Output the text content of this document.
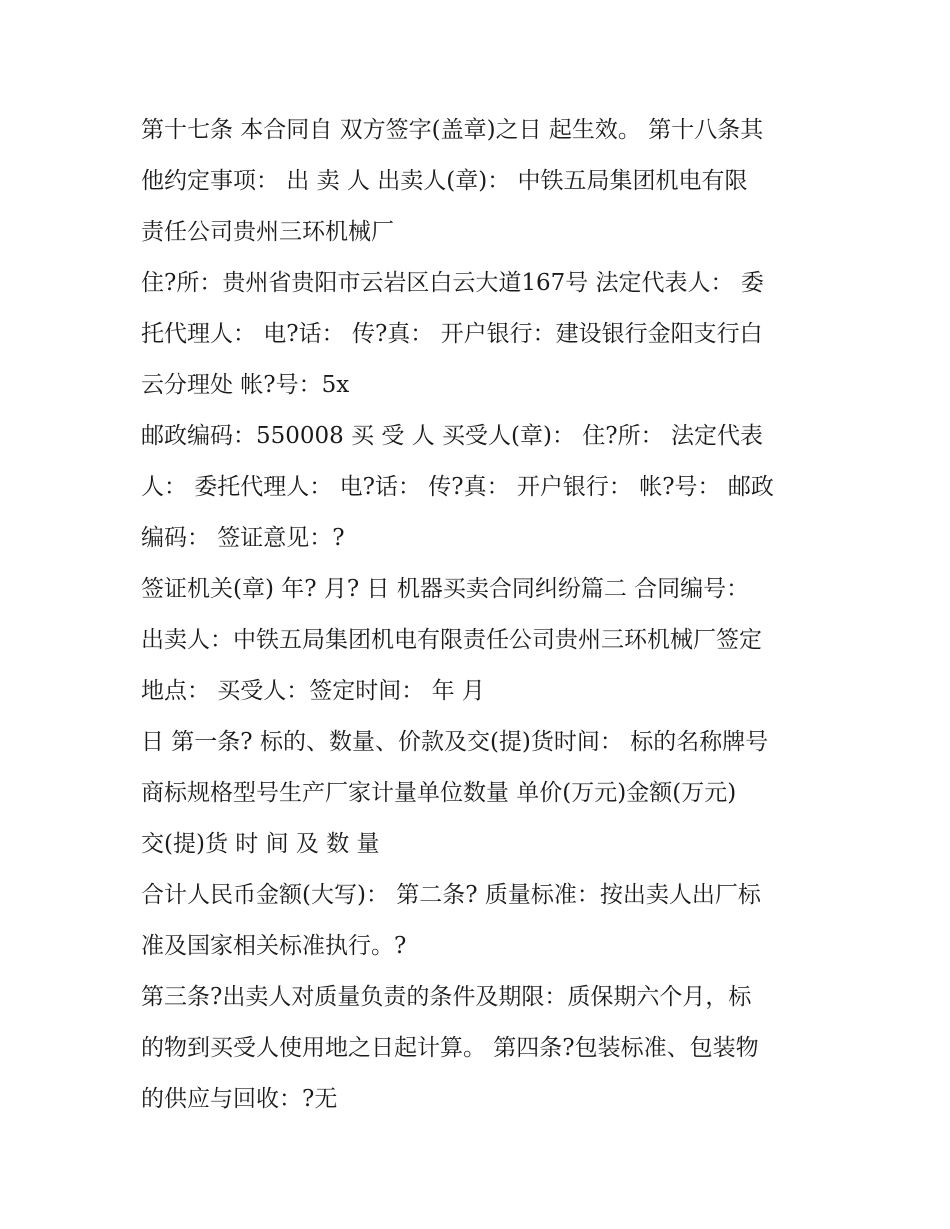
第十七条 本合同自 双方签字(盖章)之日 起生效。 第十八条其
他约定事项： 出 卖 人 出卖人(章)： 中铁五局集团机电有限
责任公司贵州三环机械厂
住?所：贵州省贵阳市云岩区白云大道167号 法定代表人： 委
托代理人： 电?话： 传?真： 开户银行：建设银行金阳支行白
云分理处 帐?号：5x
邮政编码：550008 买 受 人 买受人(章)： 住?所： 法定代表
人： 委托代理人： 电?话： 传?真： 开户银行： 帐?号： 邮政
编码： 签证意见：?
签证机关(章) 年? 月? 日 机器买卖合同纠纷篇二 合同编号：
出卖人：中铁五局集团机电有限责任公司贵州三环机械厂签定
地点： 买受人：签定时间： 年 月
日 第一条? 标的、数量、价款及交(提)货时间： 标的名称牌号
商标规格型号生产厂家计量单位数量 单价(万元)金额(万元)
交(提)货 时 间 及 数 量
合计人民币金额(大写)： 第二条? 质量标准：按出卖人出厂标
准及国家相关标准执行。?
第三条?出卖人对质量负责的条件及期限：质保期六个月，标
的物到买受人使用地之日起计算。 第四条?包装标准、包装物
的供应与回收：?无
